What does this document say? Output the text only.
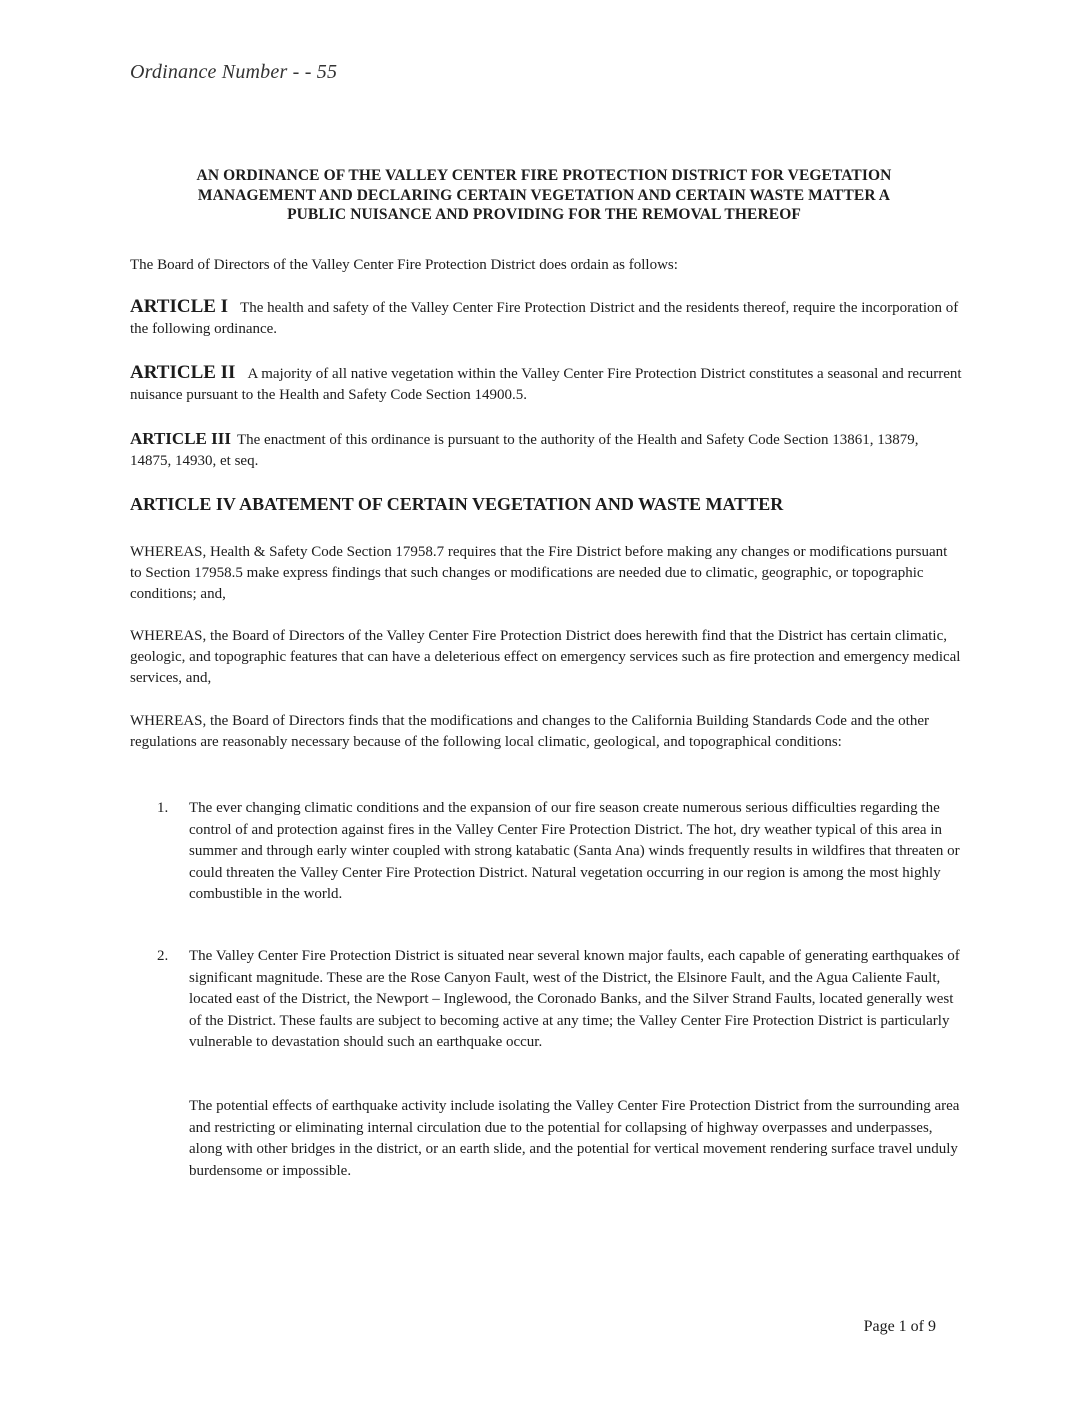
Ordinance Number - - 55
AN ORDINANCE OF THE VALLEY CENTER FIRE PROTECTION DISTRICT FOR VEGETATION
MANAGEMENT AND DECLARING CERTAIN VEGETATION AND CERTAIN WASTE MATTER A
PUBLIC NUISANCE AND PROVIDING FOR THE REMOVAL THEREOF
The Board of Directors of the Valley Center Fire Protection District does ordain as follows:
ARTICLE I The health and safety of the Valley Center Fire Protection District and the residents thereof, require the incorporation of the following ordinance.
ARTICLE II A majority of all native vegetation within the Valley Center Fire Protection District constitutes a seasonal and recurrent nuisance pursuant to the Health and Safety Code Section 14900.5.
ARTICLE III The enactment of this ordinance is pursuant to the authority of the Health and Safety Code Section 13861, 13879, 14875, 14930, et seq.
ARTICLE IV ABATEMENT OF CERTAIN VEGETATION AND WASTE MATTER
WHEREAS, Health & Safety Code Section 17958.7 requires that the Fire District before making any changes or modifications pursuant to Section 17958.5 make express findings that such changes or modifications are needed due to climatic, geographic, or topographic conditions; and,
WHEREAS, the Board of Directors of the Valley Center Fire Protection District does herewith find that the District has certain climatic, geologic, and topographic features that can have a deleterious effect on emergency services such as fire protection and emergency medical services, and,
WHEREAS, the Board of Directors finds that the modifications and changes to the California Building Standards Code and the other regulations are reasonably necessary because of the following local climatic, geological, and topographical conditions:
1. The ever changing climatic conditions and the expansion of our fire season create numerous serious difficulties regarding the control of and protection against fires in the Valley Center Fire Protection District. The hot, dry weather typical of this area in summer and through early winter coupled with strong katabatic (Santa Ana) winds frequently results in wildfires that threaten or could threaten the Valley Center Fire Protection District. Natural vegetation occurring in our region is among the most highly combustible in the world.
2. The Valley Center Fire Protection District is situated near several known major faults, each capable of generating earthquakes of significant magnitude. These are the Rose Canyon Fault, west of the District, the Elsinore Fault, and the Agua Caliente Fault, located east of the District, the Newport – Inglewood, the Coronado Banks, and the Silver Strand Faults, located generally west of the District. These faults are subject to becoming active at any time; the Valley Center Fire Protection District is particularly vulnerable to devastation should such an earthquake occur.
The potential effects of earthquake activity include isolating the Valley Center Fire Protection District from the surrounding area and restricting or eliminating internal circulation due to the potential for collapsing of highway overpasses and underpasses, along with other bridges in the district, or an earth slide, and the potential for vertical movement rendering surface travel unduly burdensome or impossible.
Page 1 of 9
